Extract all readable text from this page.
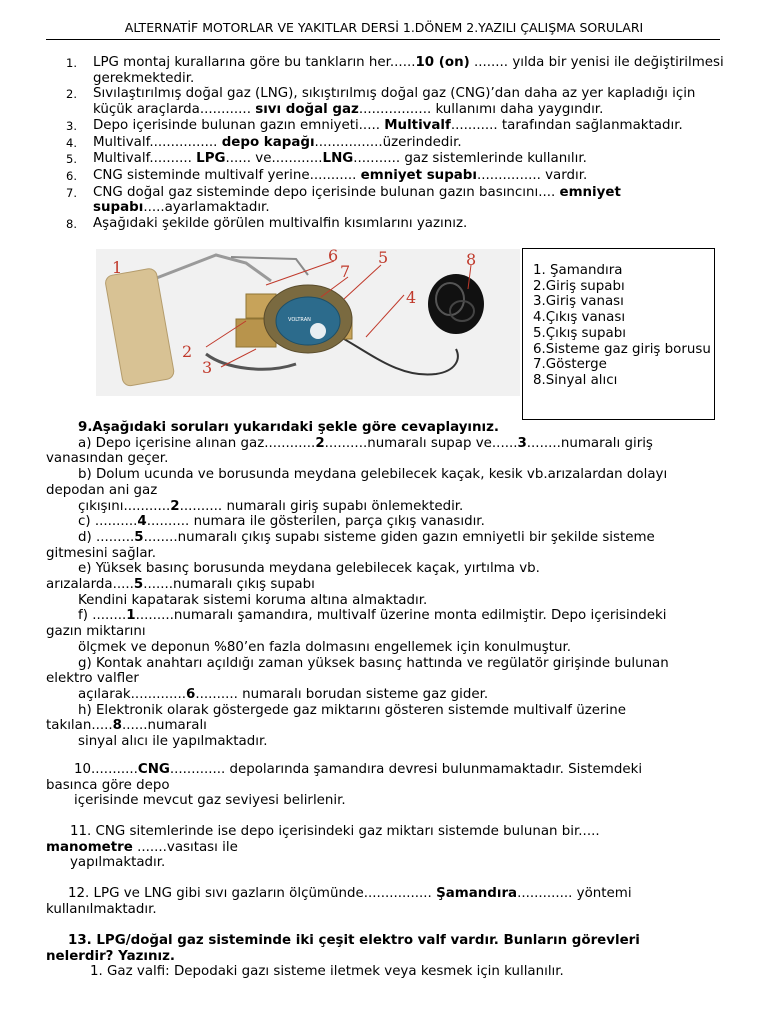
ALTERNATİF MOTORLAR VE YAKITLAR DERSİ 1.DÖNEM 2.YAZILI ÇALIŞMA SORULARI
1.	LPG montaj kurallarına göre bu tankların her......10 (on) ........ yılda bir yenisi ile değiştirilmesi gerekmektedir.
2.	Sıvılaştırılmış doğal gaz (LNG), sıkıştırılmış doğal gaz (CNG)’dan daha az yer kapladığı için küçük araçlarda............ sıvı doğal gaz................. kullanımı daha yaygındır.
3.	Depo içerisinde bulunan gazın emniyeti..... Multivalf........... tarafından sağlanmaktadır.
4.	Multivalf................ depo kapağı................üzerindedir.
5.	Multivalf.......... LPG...... ve............LNG........... gaz sistemlerinde kullanılır.
6.	CNG sisteminde multivalf yerine........... emniyet supabı............... vardır.
7.	CNG doğal gaz sisteminde depo içerisinde bulunan gazın basıncını.... emniyet supabı.....ayarlamaktadır.
8.	Aşağıdaki şekilde görülen multivalfin kısımlarını yazınız.
VOLTRAN
1
2
3
4
5
6
7
8
1. Şamandıra
2.Giriş supabı
3.Giriş vanası
4.Çıkış vanası
5.Çıkış supabı
6.Sisteme gaz giriş borusu
7.Gösterge
8.Sinyal alıcı
9.Aşağıdaki soruları yukarıdaki şekle göre cevaplayınız.
a) Depo içerisine alınan gaz............2..........numaralı supap ve......3........numaralı giriş
vanasından geçer.
b) Dolum ucunda ve borusunda meydana gelebilecek kaçak, kesik vb.arızalardan dolayı
depodan ani gaz
çıkışını...........2.......... numaralı giriş supabı önlemektedir.
c) ..........4.......... numara ile gösterilen, parça çıkış vanasıdır.
d) .........5........numaralı çıkış supabı sisteme giden gazın emniyetli bir şekilde sisteme
gitmesini sağlar.
e) Yüksek basınç borusunda meydana gelebilecek kaçak, yırtılma vb.
arızalarda.....5.......numaralı çıkış supabı
Kendini kapatarak sistemi koruma altına almaktadır.
f) ........1.........numaralı şamandıra, multivalf üzerine monta edilmiştir. Depo içerisindeki
gazın miktarını
ölçmek ve deponun %80’en fazla dolmasını engellemek için konulmuştur.
g) Kontak anahtarı açıldığı zaman yüksek basınç hattında ve regülatör girişinde bulunan
elektro valfler
açılarak.............6.......... numaralı borudan sisteme gaz gider.
h) Elektronik olarak göstergede gaz miktarını gösteren sistemde multivalf üzerine
takılan.....8......numaralı
sinyal alıcı ile yapılmaktadır.
10...........CNG............. depolarında şamandıra devresi bulunmamaktadır. Sistemdeki
basınca göre depo
içerisinde mevcut gaz seviyesi belirlenir.
11. CNG sitemlerinde ise depo içerisindeki gaz miktarı sistemde bulunan bir.....
manometre .......vasıtası ile
yapılmaktadır.
12. LPG ve LNG gibi sıvı gazların ölçümünde................ Şamandıra............. yöntemi
kullanılmaktadır.
13. LPG/doğal gaz sisteminde iki çeşit elektro valf vardır. Bunların görevleri
nelerdir? Yazınız.
1. Gaz valfi: Depodaki gazı sisteme iletmek veya kesmek için kullanılır.
